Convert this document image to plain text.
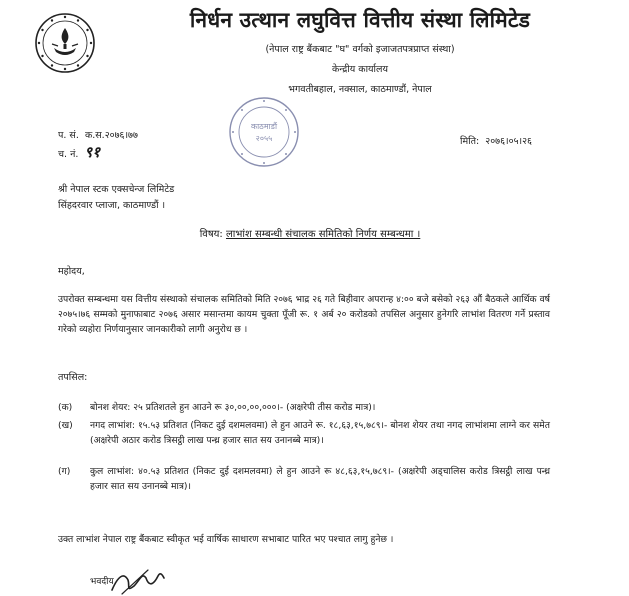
निर्धन उत्थान लघुवित्त वित्तीय संस्था लिमिटेड
(नेपाल राष्ट्र बैंकबाट "घ" वर्गको इजाजतपत्रप्राप्त संस्था)
केन्द्रीय कार्यालय
भगवतीबहाल, नक्साल, काठमाण्डौं, नेपाल
काठमाडौं
२०५५
प. सं. क.स.२०७६।७७
च. नं. ९१
मिति: २०७६।०५।२६
श्री नेपाल स्टक एक्सचेन्ज लिमिटेड
सिंहदरवार प्लाजा, काठमाण्डौं ।
विषय: लाभांश सम्बन्धी संचालक समितिको निर्णय सम्बन्धमा ।
महोदय,
उपरोक्त सम्बन्धमा यस वित्तीय संस्थाको संचालक समितिको मिति २०७६ भाद्र २६ गते बिहीवार अपरान्ह ४:०० बजे बसेको २६३ औं बैठकले आर्थिक वर्ष २०७५।७६ सम्मको मुनाफाबाट २०७६ असार मसान्तमा कायम चुक्ता पूँजी रू. १ अर्ब २० करोडको तपसिल अनुसार हुनेगरि लाभांश वितरण गर्ने प्रस्ताव गरेको व्यहोरा निर्णयानुसार जानकारीको लागी अनुरोध छ ।
तपसिल:
(क) बोनश शेयर: २५ प्रतिशतले हुन आउने रू ३०,००,००,०००।- (अक्षरेपी तीस करोड मात्र)।
(ख) नगद लाभांश: १५.५३ प्रतिशत (निकट दुई दशमलवमा) ले हुन आउने रू. १८,६३,१५,७८९।- बोनश शेयर तथा नगद लाभांशमा लाग्ने कर समेत (अक्षरेपी अठार करोड त्रिसट्ठी लाख पन्ध्र हजार सात सय उनानब्बे मात्र)।
(ग) कुल लाभांश: ४०.५३ प्रतिशत (निकट दुई दशमलवमा) ले हुन आउने रू ४८,६३,१५,७८९।- (अक्षरेपी अड्चालिस करोड त्रिसट्ठी लाख पन्ध्र हजार सात सय उनानब्बे मात्र)।
उक्त लाभांश नेपाल राष्ट्र बैंकबाट स्वीकृत भई वार्षिक साधारण सभाबाट पारित भए पश्चात लागु हुनेछ ।
भवदीय,
